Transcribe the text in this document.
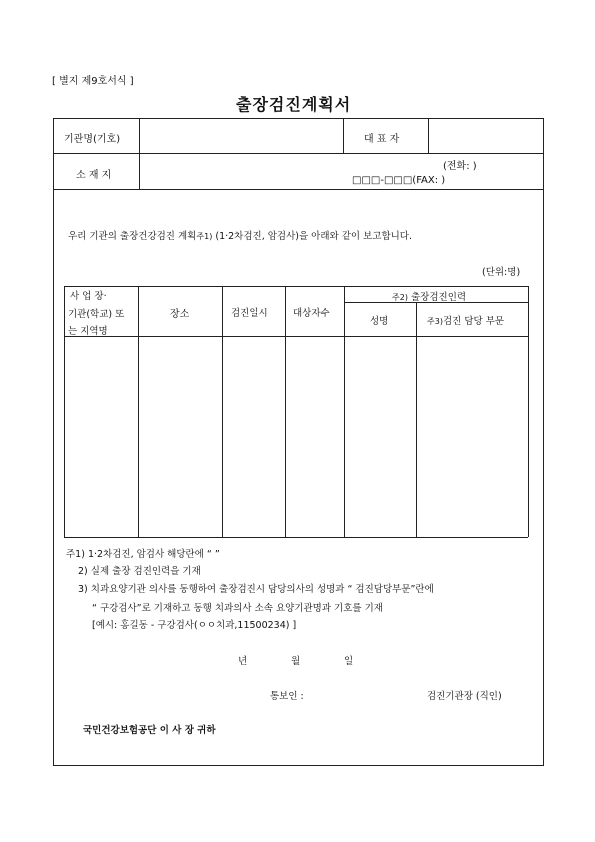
[ 별지 제9호서식 ]
출장검진계획서
기관명(기호)	대 표 자
소 재 지
(전화: )
□□□-□□□(FAX: )
우리 기관의 출장건강검진 계획주1) (1·2차검진, 암검사)을 아래와 같이 보고합니다.
(단위:명)
사 업 장·
기관(학교) 또
는 지역명
장소	검진일시	대상자수
주2) 출장검진인력
성명	주3)검진 담당 부문
주1) 1·2차검진, 암검사 해당란에 “ ”
2) 실제 출장 검진인력을 기재
3) 치과요양기관 의사를 동행하여 출장검진시 담당의사의 성명과 “ 검진담당부문”란에
“ 구강검사”로 기재하고 동행 치과의사 소속 요양기관명과 기호를 기재
[예시: 홍길동 - 구강검사(ㅇㅇ치과,11500234) ]
년	월	일
통보인 :	검진기관장 (직인)
국민건강보험공단 이 사 장 귀하
